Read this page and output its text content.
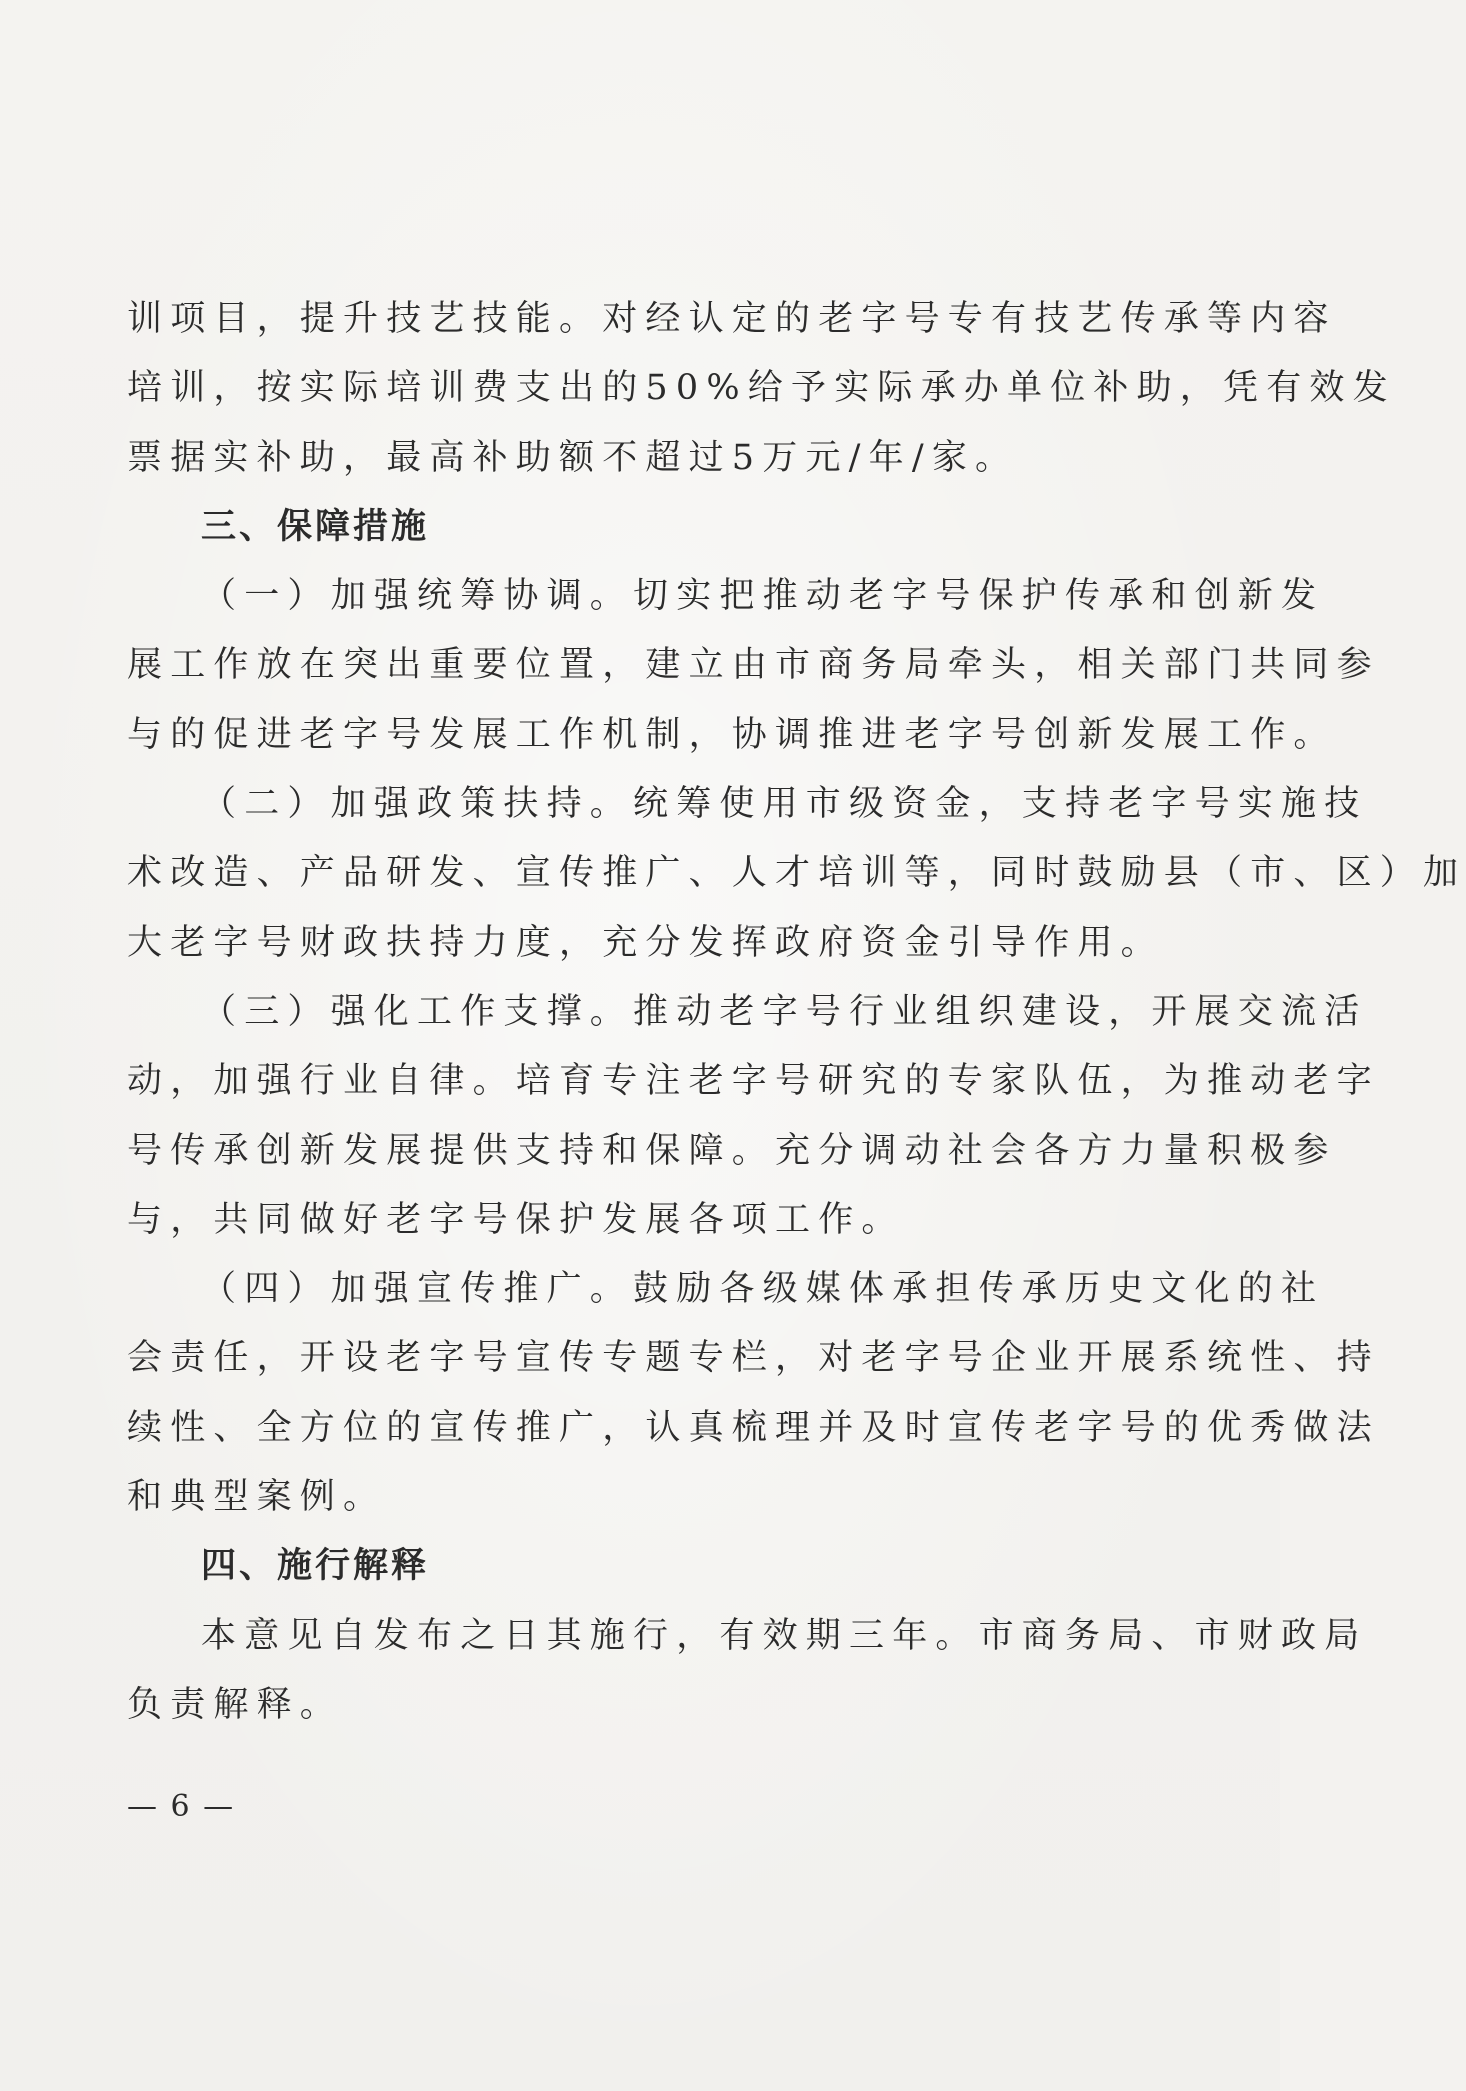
训项目，提升技艺技能。对经认定的老字号专有技艺传承等内容

培训，按实际培训费支出的50%给予实际承办单位补助，凭有效发

票据实补助，最高补助额不超过5万元/年/家。

三、保障措施

（一）加强统筹协调。切实把推动老字号保护传承和创新发

展工作放在突出重要位置，建立由市商务局牵头，相关部门共同参

与的促进老字号发展工作机制，协调推进老字号创新发展工作。

（二）加强政策扶持。统筹使用市级资金，支持老字号实施技

术改造、产品研发、宣传推广、人才培训等，同时鼓励县（市、区）加

大老字号财政扶持力度，充分发挥政府资金引导作用。

（三）强化工作支撑。推动老字号行业组织建设，开展交流活

动，加强行业自律。培育专注老字号研究的专家队伍，为推动老字

号传承创新发展提供支持和保障。充分调动社会各方力量积极参

与，共同做好老字号保护发展各项工作。

（四）加强宣传推广。鼓励各级媒体承担传承历史文化的社

会责任，开设老字号宣传专题专栏，对老字号企业开展系统性、持

续性、全方位的宣传推广，认真梳理并及时宣传老字号的优秀做法

和典型案例。

四、施行解释

本意见自发布之日其施行，有效期三年。市商务局、市财政局

负责解释。

— 6 —
